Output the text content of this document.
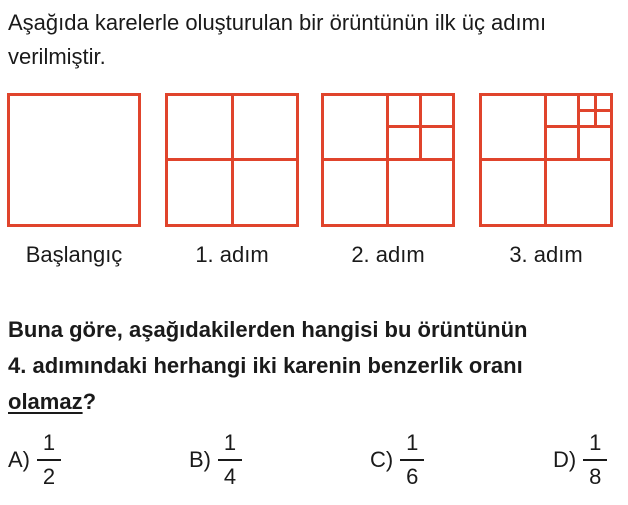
Aşağıda karelerle oluşturulan bir örüntünün ilk üç adımı
verilmiştir.
Başlangıç	1. adım	2. adım	3. adım
Buna göre, aşağıdakilerden hangisi bu örüntünün
4. adımındaki herhangi iki karenin benzerlik oranı
olamaz?
$A) \frac{1}{2}$	$B) \frac{1}{4}$	$C) \frac{1}{6}$	$D) \frac{1}{8}$
